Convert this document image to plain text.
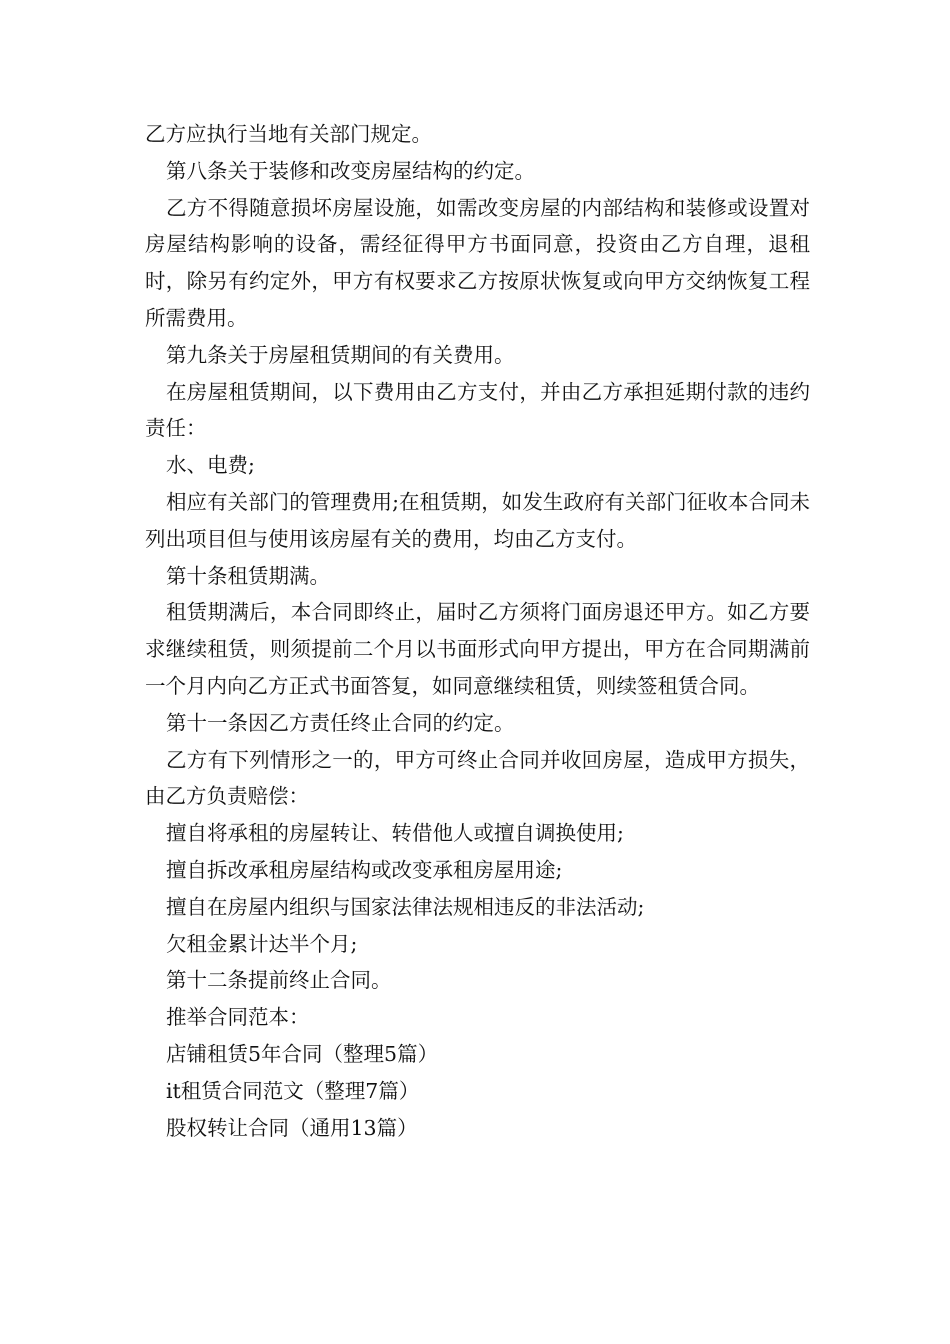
乙方应执行当地有关部门规定。

第八条关于装修和改变房屋结构的约定。

乙方不得随意损坏房屋设施，如需改变房屋的内部结构和装修或设置对房屋结构影响的设备，需经征得甲方书面同意，投资由乙方自理，退租时，除另有约定外，甲方有权要求乙方按原状恢复或向甲方交纳恢复工程所需费用。

第九条关于房屋租赁期间的有关费用。

在房屋租赁期间，以下费用由乙方支付，并由乙方承担延期付款的违约责任：

水、电费;

相应有关部门的管理费用;在租赁期，如发生政府有关部门征收本合同未列出项目但与使用该房屋有关的费用，均由乙方支付。

第十条租赁期满。

租赁期满后，本合同即终止，届时乙方须将门面房退还甲方。如乙方要求继续租赁，则须提前二个月以书面形式向甲方提出，甲方在合同期满前一个月内向乙方正式书面答复，如同意继续租赁，则续签租赁合同。

第十一条因乙方责任终止合同的约定。

乙方有下列情形之一的，甲方可终止合同并收回房屋，造成甲方损失，由乙方负责赔偿：

擅自将承租的房屋转让、转借他人或擅自调换使用;

擅自拆改承租房屋结构或改变承租房屋用途;

擅自在房屋内组织与国家法律法规相违反的非法活动;

欠租金累计达半个月;

第十二条提前终止合同。

推举合同范本：

店铺租赁5年合同（整理5篇）

it租赁合同范文（整理7篇）

股权转让合同（通用13篇）
